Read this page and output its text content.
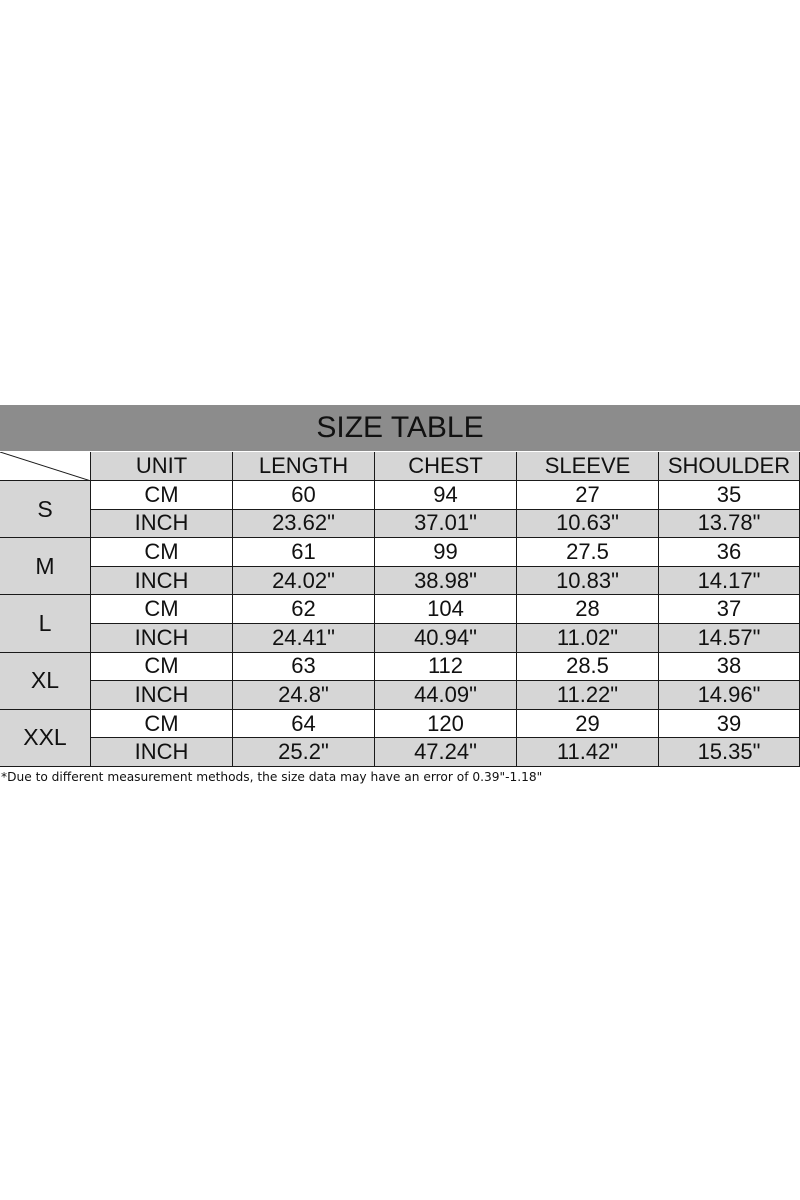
SIZE TABLE
UNIT	LENGTH	CHEST	SLEEVE	SHOULDER
S
CM	60	94	27	35
INCH	23.62"	37.01"	10.63"	13.78"
M
CM	61	99	27.5	36
INCH	24.02"	38.98"	10.83"	14.17"
L
CM	62	104	28	37
INCH	24.41"	40.94"	11.02"	14.57"
XL
CM	63	112	28.5	38
INCH	24.8"	44.09"	11.22"	14.96"
XXL
CM	64	120	29	39
INCH	25.2"	47.24"	11.42"	15.35"
*Due to different measurement methods, the size data may have an error of 0.39"-1.18"
